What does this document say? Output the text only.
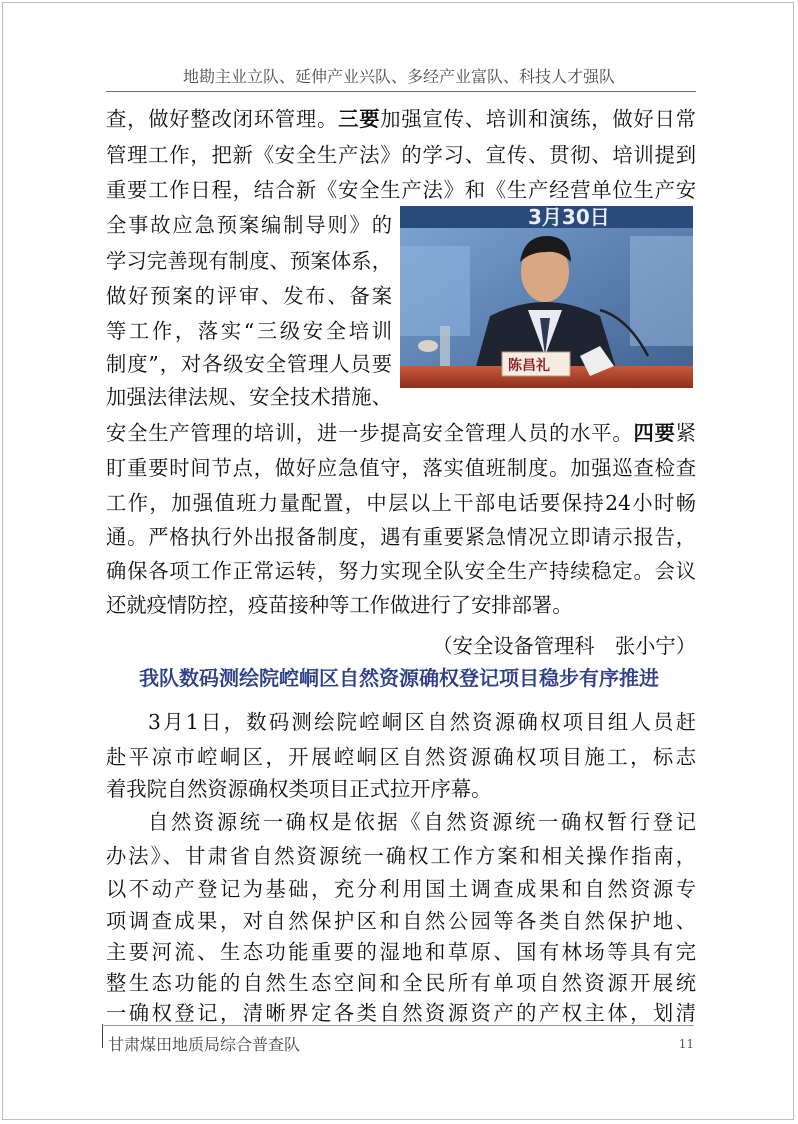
地勘主业立队、延伸产业兴队、多经产业富队、科技人才强队
查，做好整改闭环管理。三要加强宣传、培训和演练，做好日常
管理工作，把新《安全生产法》的学习、宣传、贯彻、培训提到
重要工作日程，结合新《安全生产法》和《生产经营单位生产安
全事故应急预案编制导则》的
学习完善现有制度、预案体系，
做好预案的评审、发布、备案
等工作，落实“三级安全培训
制度”，对各级安全管理人员要
加强法律法规、安全技术措施、
安全生产管理的培训，进一步提高安全管理人员的水平。四要紧
盯重要时间节点，做好应急值守，落实值班制度。加强巡查检查
工作，加强值班力量配置，中层以上干部电话要保持24小时畅
通。严格执行外出报备制度，遇有重要紧急情况立即请示报告，
确保各项工作正常运转，努力实现全队安全生产持续稳定。会议
还就疫情防控，疫苗接种等工作做进行了安排部署。
3月30日
陈昌礼
（安全设备管理科　张小宁）
我队数码测绘院崆峒区自然资源确权登记项目稳步有序推进
3月1日，数码测绘院崆峒区自然资源确权项目组人员赶
赴平凉市崆峒区，开展崆峒区自然资源确权项目施工，标志
着我院自然资源确权类项目正式拉开序幕。
自然资源统一确权是依据《自然资源统一确权暂行登记
办法》、甘肃省自然资源统一确权工作方案和相关操作指南，
以不动产登记为基础，充分利用国土调查成果和自然资源专
项调查成果，对自然保护区和自然公园等各类自然保护地、
主要河流、生态功能重要的湿地和草原、国有林场等具有完
整生态功能的自然生态空间和全民所有单项自然资源开展统
一确权登记，清晰界定各类自然资源资产的产权主体，划清
甘肃煤田地质局综合普查队	11
